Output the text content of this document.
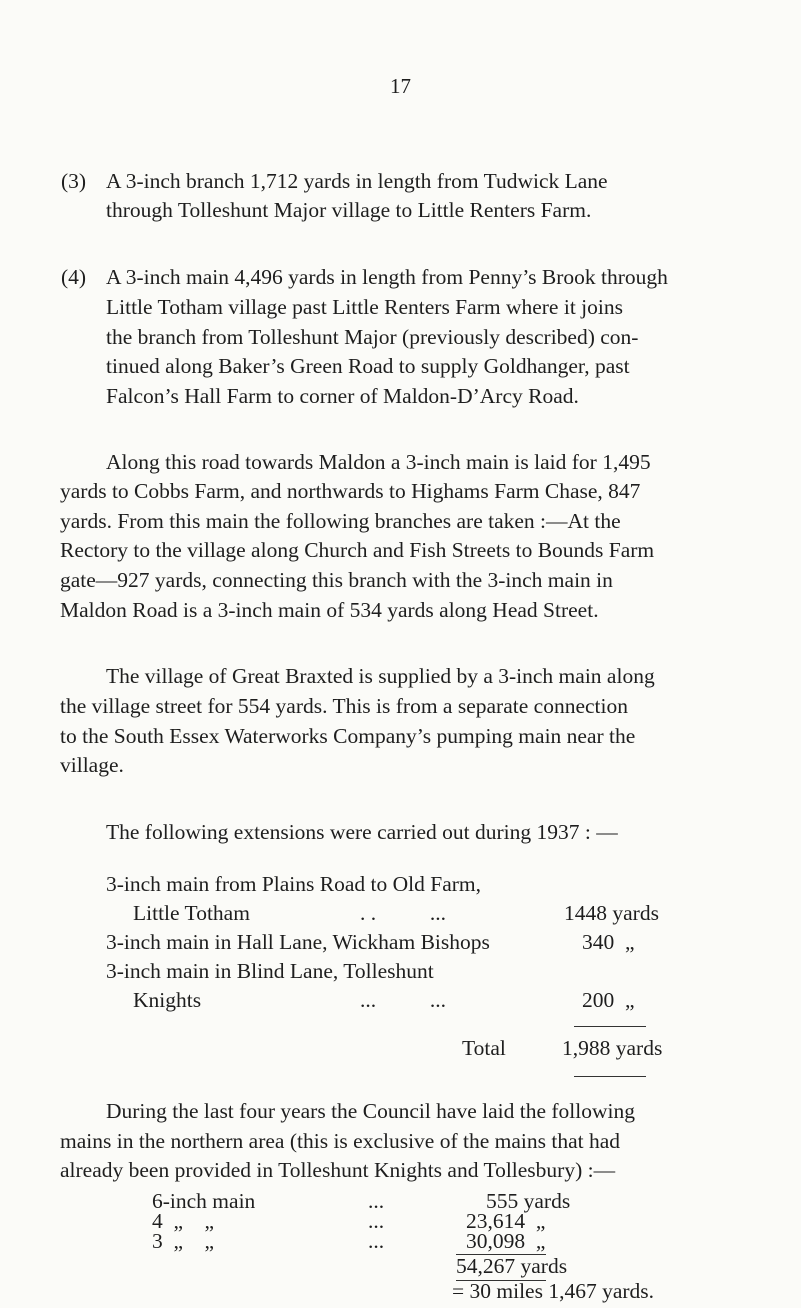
17
(3) A 3-inch branch 1,712 yards in length from Tudwick Lane
through Tolleshunt Major village to Little Renters Farm.
(4) A 3-inch main 4,496 yards in length from Penny’s Brook through
Little Totham village past Little Renters Farm where it joins
the branch from Tolleshunt Major (previously described) con-
tinued along Baker’s Green Road to supply Goldhanger, past
Falcon’s Hall Farm to corner of Maldon-D’Arcy Road.
Along this road towards Maldon a 3-inch main is laid for 1,495
yards to Cobbs Farm, and northwards to Highams Farm Chase, 847
yards. From this main the following branches are taken :—At the
Rectory to the village along Church and Fish Streets to Bounds Farm
gate—927 yards, connecting this branch with the 3-inch main in
Maldon Road is a 3-inch main of 534 yards along Head Street.
The village of Great Braxted is supplied by a 3-inch main along
the village street for 554 yards. This is from a separate connection
to the South Essex Waterworks Company’s pumping main near the
village.
The following extensions were carried out during 1937 : —
3-inch main from Plains Road to Old Farm,
Little Totham	. .          ...	1448 yards
3-inch main in Hall Lane, Wickham Bishops	340  „
3-inch main in Blind Lane, Tolleshunt
Knights	...          ...	200  „
Total	1,988 yards
During the last four years the Council have laid the following
mains in the northern area (this is exclusive of the mains that had
already been provided in Tolleshunt Knights and Tollesbury) :—
6-inch main	...	555 yards
4  „    „	...	23,614  „
3  „    „	...	30,098  „
54,267 yards
= 30 miles 1,467 yards.
